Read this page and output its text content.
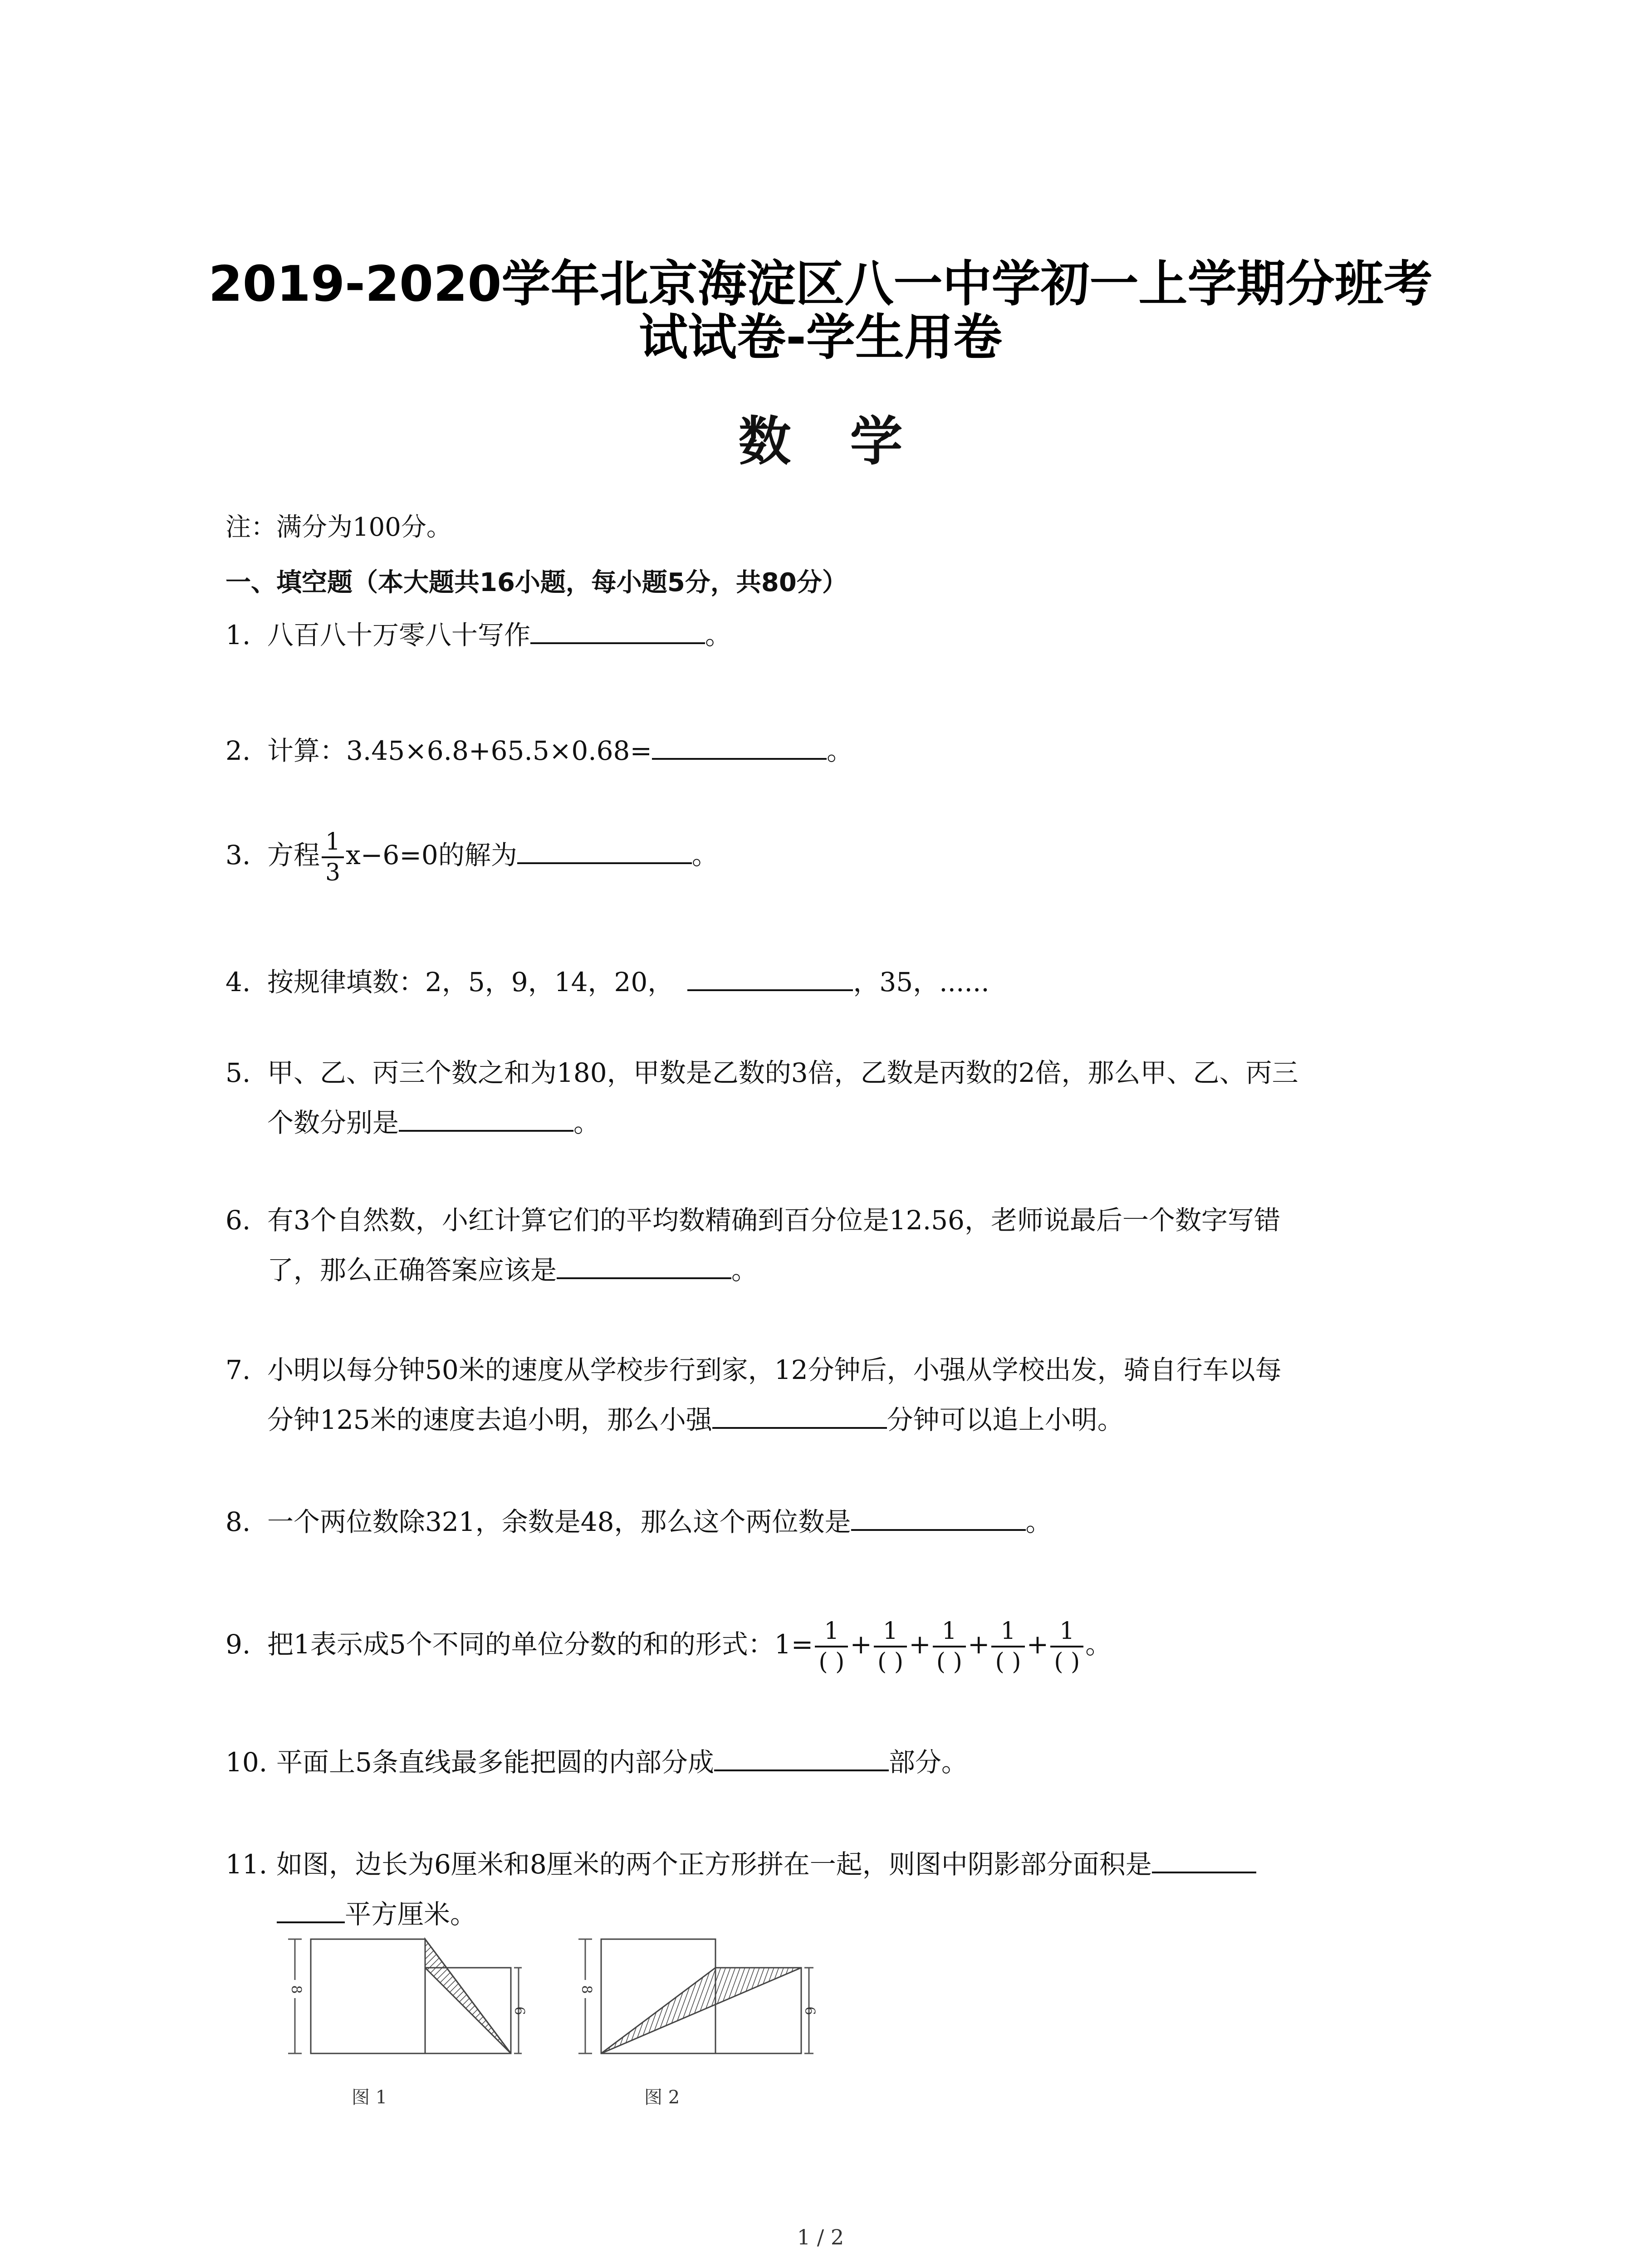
2019-2020学年北京海淀区八一中学初一上学期分班考
试试卷-学生用卷
数学
注：满分为100分。
一、填空题（本大题共16小题，每小题5分，共80分）
1. 八百八十万零八十写作	。
2. 计算：3.45×6.8+65.5×0.68=	。
3. 方程 $\frac{1}{3} x-6=0$的解为	。
4. 按规律填数：2，5，9，14，20，	，35，......
5. 甲、乙、丙三个数之和为180，甲数是乙数的3倍，乙数是丙数的2倍，那么甲、乙、丙三
个数分别是	。
6. 有3个自然数，小红计算它们的平均数精确到百分位是12.56，老师说最后一个数字写错
了，那么正确答案应该是	。
7. 小明以每分钟50米的速度从学校步行到家，12分钟后，小强从学校出发，骑自行车以每
分钟125米的速度去追小明，那么小强	分钟可以追上小明。
8. 一个两位数除321，余数是48，那么这个两位数是	。
9. 把1表示成5个不同的单位分数的和的形式：$1= \frac{1}{( )} + \frac{1}{( )} + \frac{1}{( )} + \frac{1}{( )} + \frac{1}{( )}$ 。
10. 平面上5条直线最多能把圆的内部分成	部分。
11. 如图，边长为6厘米和8厘米的两个正方形拼在一起，则图中阴影部分面积是
平方厘米。
8
6
图 1
8
6
图 2
1 / 2
